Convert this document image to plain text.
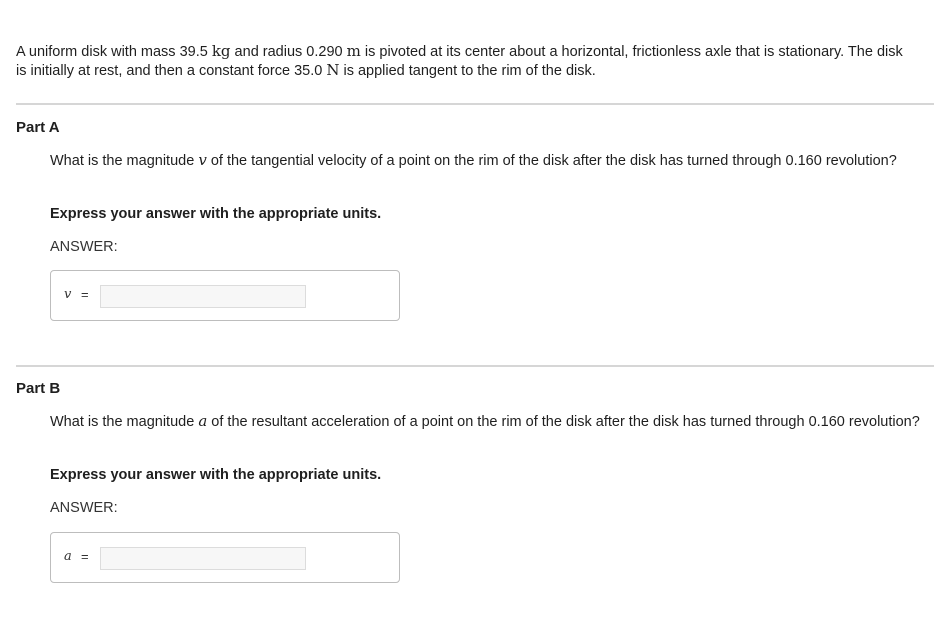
A uniform disk with mass 39.5 kg and radius 0.290 m is pivoted at its center about a horizontal, frictionless axle that is stationary. The disk is initially at rest, and then a constant force 35.0 N is applied tangent to the rim of the disk.
Part A
What is the magnitude v of the tangential velocity of a point on the rim of the disk after the disk has turned through 0.160 revolution?
Express your answer with the appropriate units.
ANSWER:
v =
Part B
What is the magnitude a of the resultant acceleration of a point on the rim of the disk after the disk has turned through 0.160 revolution?
Express your answer with the appropriate units.
ANSWER:
a =
